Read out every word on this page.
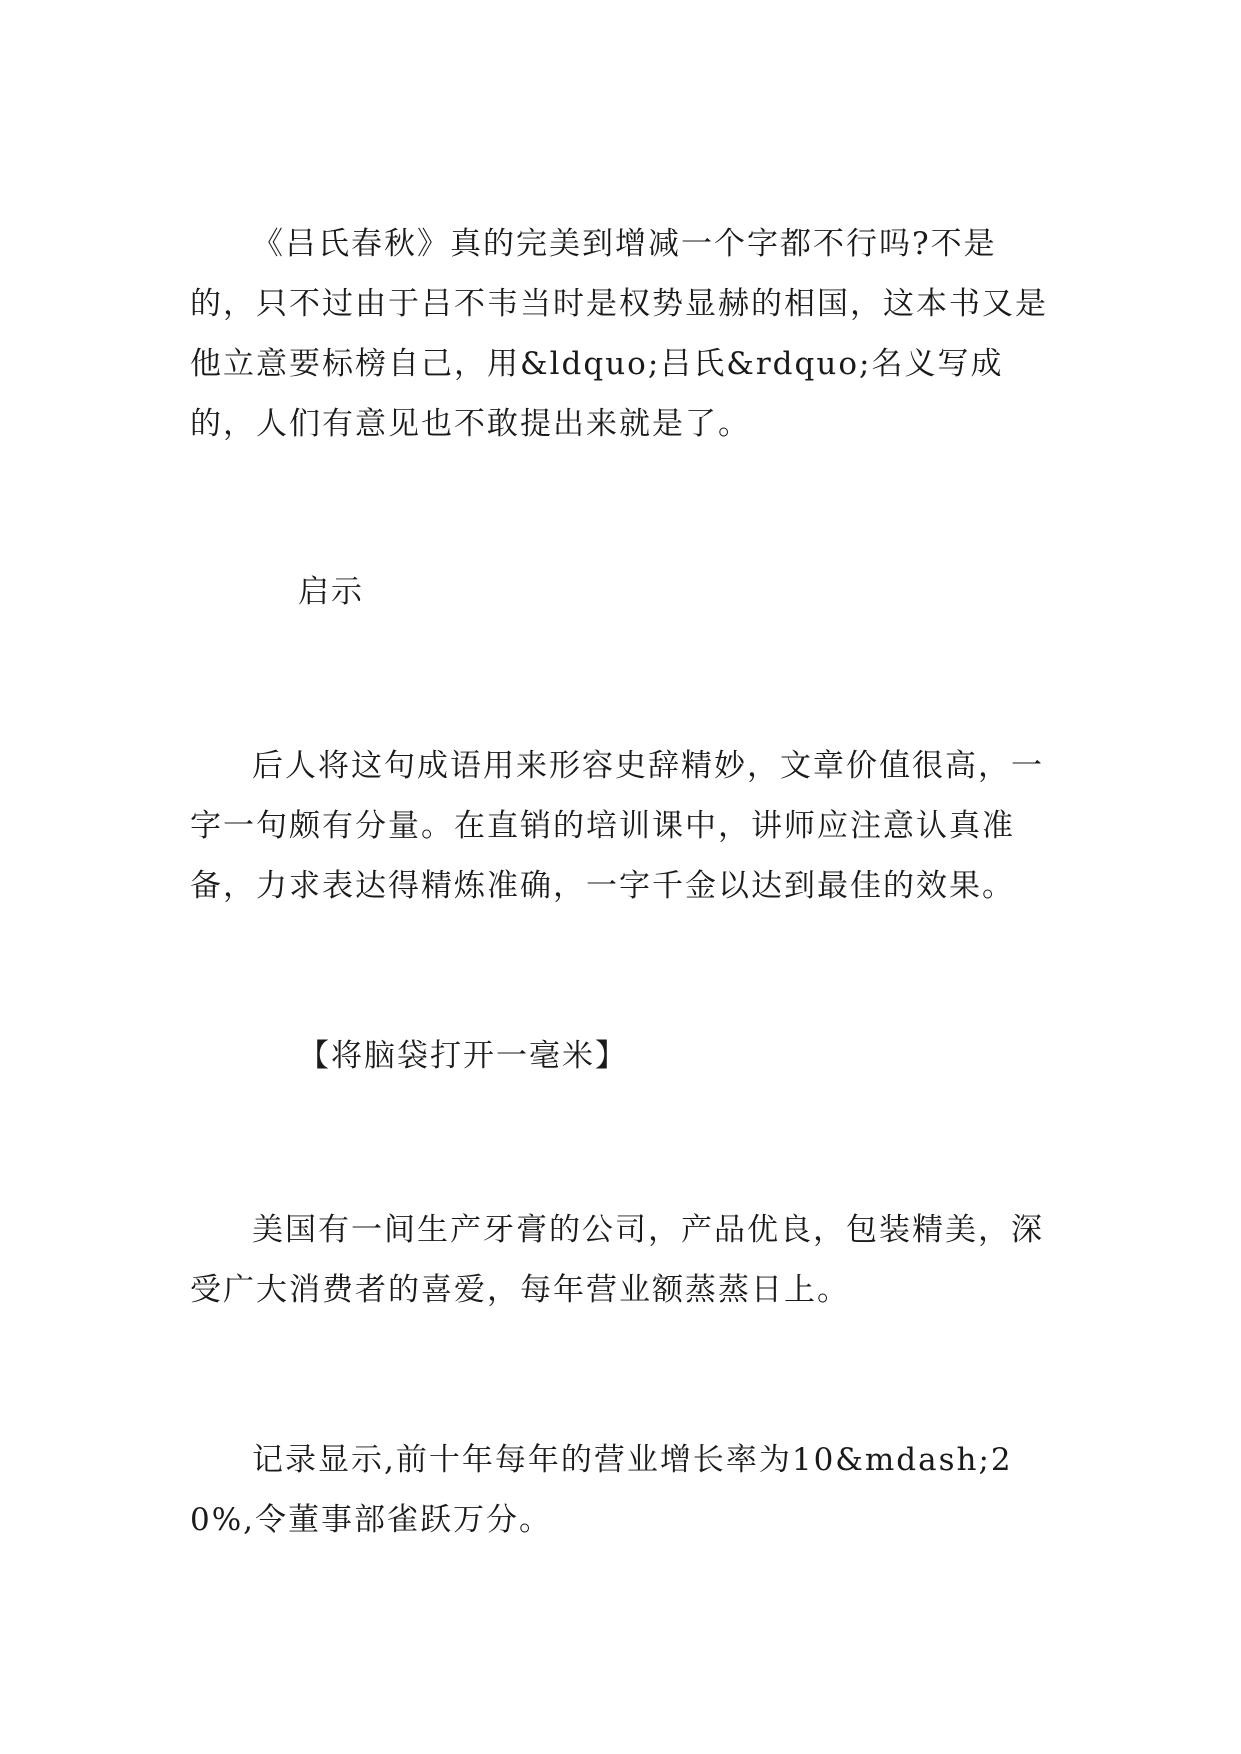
《吕氏春秋》真的完美到增减一个字都不行吗?不是的，只不过由于吕不韦当时是权势显赫的相国，这本书又是他立意要标榜自己，用&ldquo;吕氏&rdquo;名义写成的，人们有意见也不敢提出来就是了。

启示

后人将这句成语用来形容史辞精妙，文章价值很高，一字一句颇有分量。在直销的培训课中，讲师应注意认真准备，力求表达得精炼准确，一字千金以达到最佳的效果。

【将脑袋打开一毫米】

美国有一间生产牙膏的公司，产品优良，包装精美，深受广大消费者的喜爱，每年营业额蒸蒸日上。

记录显示,前十年每年的营业增长率为10&mdash;20%,令董事部雀跃万分。
